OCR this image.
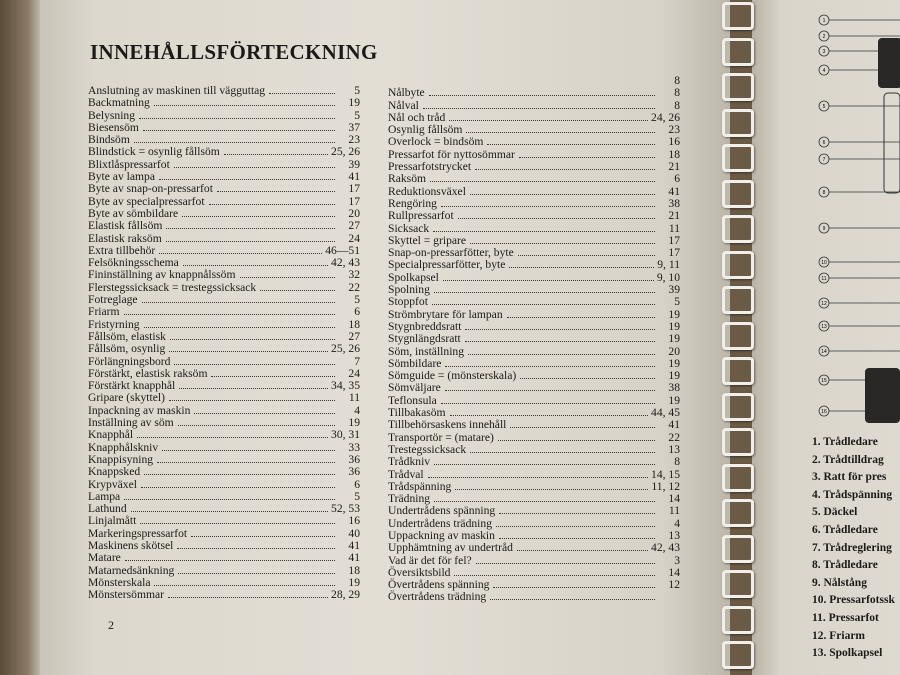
INNEHÅLLSFÖRTECKNING
Anslutning av maskinen till vägguttag	5
Backmatning	19
Belysning	5
Biesensöm	37
Bindsöm	23
Blindstick = osynlig fållsöm	25, 26
Blixtlåspressarfot	39
Byte av lampa	41
Byte av snap-on-pressarfot	17
Byte av specialpressarfot	17
Byte av sömbildare	20
Elastisk fållsöm	27
Elastisk raksöm	24
Extra tillbehör	46—51
Felsökningsschema	42, 43
Fininställning av knappnålssöm	32
Flerstegssicksack = trestegssicksack	22
Fotreglage	5
Friarm	6
Fristyrning	18
Fållsöm, elastisk	27
Fållsöm, osynlig	25, 26
Förlängningsbord	7
Förstärkt, elastisk raksöm	24
Förstärkt knapphål	34, 35
Gripare (skyttel)	11
Inpackning av maskin	4
Inställning av söm	19
Knapphål	30, 31
Knapphålskniv	33
Knappisyning	36
Knappsked	36
Krypväxel	6
Lampa	5
Lathund	52, 53
Linjalmått	16
Markeringspressarfot	40
Maskinens skötsel	41
Matare	41
Matarnedsänkning	18
Mönsterskala	19
Mönstersömmar	28, 29
8
Nålbyte	8
Nålval	8
Nål och tråd	24, 26
Osynlig fållsöm	23
Overlock = bindsöm	16
Pressarfot för nyttosömmar	18
Pressarfotstrycket	21
Raksöm	6
Reduktionsväxel	41
Rengöring	38
Rullpressarfot	21
Sicksack	11
Skyttel = gripare	17
Snap-on-pressarfötter, byte	17
Specialpressarfötter, byte	9, 11
Spolkapsel	9, 10
Spolning	39
Stoppfot	5
Strömbrytare för lampan	19
Stygnbreddsratt	19
Stygnlängdsratt	19
Söm, inställning	20
Sömbildare	19
Sömguide = (mönsterskala)	19
Sömväljare	38
Teflonsula	19
Tillbakasöm	44, 45
Tillbehörsaskens innehåll	41
Transportör = (matare)	22
Trestegssicksack	13
Trådkniv	8
Trådval	14, 15
Trådspänning	11, 12
Trädning	14
Undertrådens spänning	11
Undertrådens trädning	4
Uppackning av maskin	13
Upphämtning av undertråd	42, 43
Vad är det för fel?	3
Översiktsbild	14
Övertrådens spänning	12
Övertrådens trädning
2
1
2
3
4
5
6
7
8
9
10
11
12
13
14
15
16
1. Trådledare
2. Trådtilldrag
3. Ratt för pres
4. Trådspänning
5. Däckel
6. Trådledare
7. Trådreglering
8. Trådledare
9. Nålstång
10. Pressarfotssk
11. Pressarfot
12. Friarm
13. Spolkapsel
